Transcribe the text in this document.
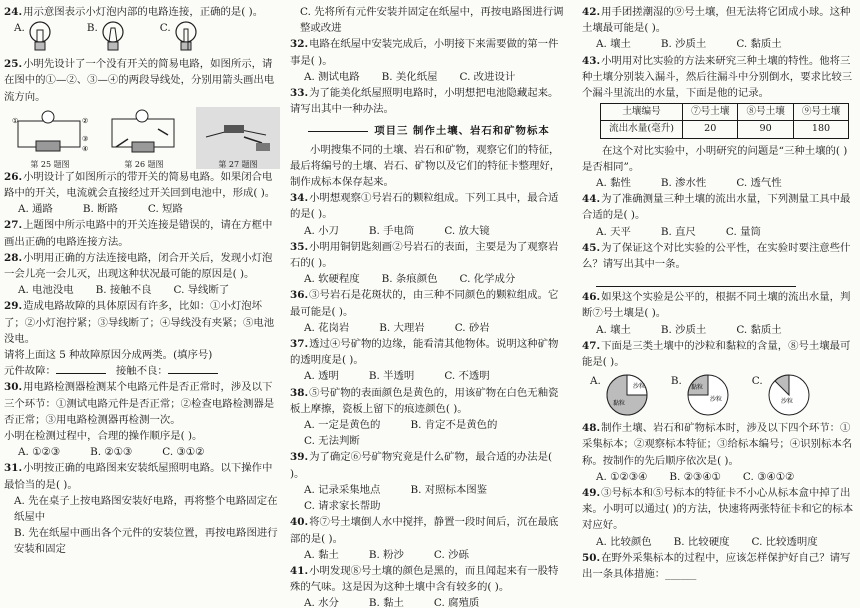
24.用示意图表示小灯泡内部的电路连接，正确的是( )。

A.	B.	C.

25.小明先设计了一个没有开关的简易电路，如图所示，请在图中的①—②、③—④的两段导线处，分别用箭头画出电流方向。

①	②
③
④
第 25 题图	第 26 题图	第 27 题图

26.小明设计了如图所示的带开关的简易电路。如果闭合电路中的开关，电流就会直接经过开关回到电池中，形成( )。

A. 通路	B. 断路	C. 短路

27.上题图中所示电路中的开关连接是错误的，请在方框中画出正确的电路连接方法。

28.小明用正确的方法连接电路，闭合开关后，发现小灯泡一会儿亮一会儿灭，出现这种状况最可能的原因是( )。

A. 电池没电 B. 接触不良 C. 导线断了

29.造成电路故障的具体原因有许多，比如：①小灯泡坏了；②小灯泡拧紧；③导线断了；④导线没有夹紧；⑤电池没电。

请将上面这 5 种故障原因分成两类。(填序号)

元件故障：	接触不良：

30.用电路检测器检测某个电路元件是否正常时，涉及以下三个环节：①测试电路元件是否正常；②检查电路检测器是否正常；③用电路检测器再检测一次。

小明在检测过程中，合理的操作顺序是( )。

A. ①②③	B. ②①③	C. ③①②

31.小明按正确的电路图来安装纸屋照明电路。以下操作中最恰当的是( )。

A. 先在桌子上按电路图安装好电路，再将整个电路固定在纸屋中

B. 先在纸屋中画出各个元件的安装位置，再按电路图进行安装和固定

C. 先将所有元件安装并固定在纸屋中，再按电路图进行调整或改进

32.电路在纸屋中安装完成后，小明接下来需要做的第一件事是( )。

A. 测试电路 B. 美化纸屋 C. 改进设计

33.为了能美化纸屋照明电路时，小明想把电池隐藏起来。请写出其中一种办法。

项目三 制作土壤、岩石和矿物标本

小明搜集不同的土壤、岩石和矿物，观察它们的特征，最后将编号的土壤、岩石、矿物以及它们的特征卡整理好，制作成标本保存起来。

34.小明想观察①号岩石的颗粒组成。下列工具中，最合适的是( )。

A. 小刀	B. 手电筒	C. 放大镜

35.小明用铜钥匙刻画②号岩石的表面，主要是为了观察岩石的( )。

A. 软硬程度 B. 条痕颜色 C. 化学成分

36.③号岩石是花斑状的，由三种不同颜色的颗粒组成。它最可能是( )。

A. 花岗岩	B. 大理岩	C. 砂岩

37.透过④号矿物的边缘，能看清其他物体。说明这种矿物的透明度是( )。

A. 透明	B. 半透明	C. 不透明

38.⑤号矿物的表面颜色是黄色的，用该矿物在白色无釉瓷板上摩擦，瓷板上留下的痕迹颜色( )。

A. 一定是黄色的	B. 肯定不是黄色的

C. 无法判断

39.为了确定⑥号矿物究竟是什么矿物，最合适的办法是( )。

A. 记录采集地点	B. 对照标本图鉴

C. 请求家长帮助

40.将⑦号土壤倒人水中搅拌，静置一段时间后，沉在最底部的是( )。

A. 黏土	B. 粉沙	C. 沙砾

41.小明发现⑧号土壤的颜色是黑的，而且闻起来有一股特殊的气味。这是因为这种土壤中含有较多的( )。

A. 水分	B. 黏土	C. 腐殖质

42.用手团搓潮湿的⑨号土壤，但无法将它团成小球。这种土壤最可能是( )。

A. 壤土	B. 沙质土	C. 黏质土

43.小明用对比实验的方法来研究三种土壤的特性。他将三种土壤分别装入漏斗，然后往漏斗中分别倒水，要求比较三个漏斗里流出的水量，下面是他的记录。

土壤编号	⑦号土壤	⑧号土壤	⑨号土壤
流出水量(毫升)	20	90	180

在这个对比实验中，小明研究的问题是“三种土壤的( )是否相同”。

A. 黏性	B. 渗水性	C. 透气性

44.为了准确测量三种土壤的流出水量，下列测量工具中最合适的是( )。

A. 天平	B. 直尺	C. 量筒

45.为了保证这个对比实验的公平性，在实验时要注意些什么？请写出其中一条。

46.如果这个实验是公平的，根据不同土壤的流出水量，判断⑦号土壤是( )。

A. 壤土	B. 沙质土	C. 黏质土

47.下面是三类土壤中的沙粒和黏粒的含量，⑧号土壤最可能是( )。

A.	沙粒
黏粒
B.
黏粒
沙粒
C.
沙粒

48.制作土壤、岩石和矿物标本时，涉及以下四个环节：①采集标本；②观察标本特征；③给标本编号；④识别标本名称。按制作的先后顺序依次是( )。

A. ①②③④ B. ②③④① C. ③④①②

49.③号标本和⑤号标本的特征卡不小心从标本盒中掉了出来。小明可以通过( )的方法，快速将两张特征卡和它的标本对应好。

A. 比较颜色 B. 比较硬度 C. 比较透明度

50.在野外采集标本的过程中，应该怎样保护好自己？请写出一条具体措施：______
